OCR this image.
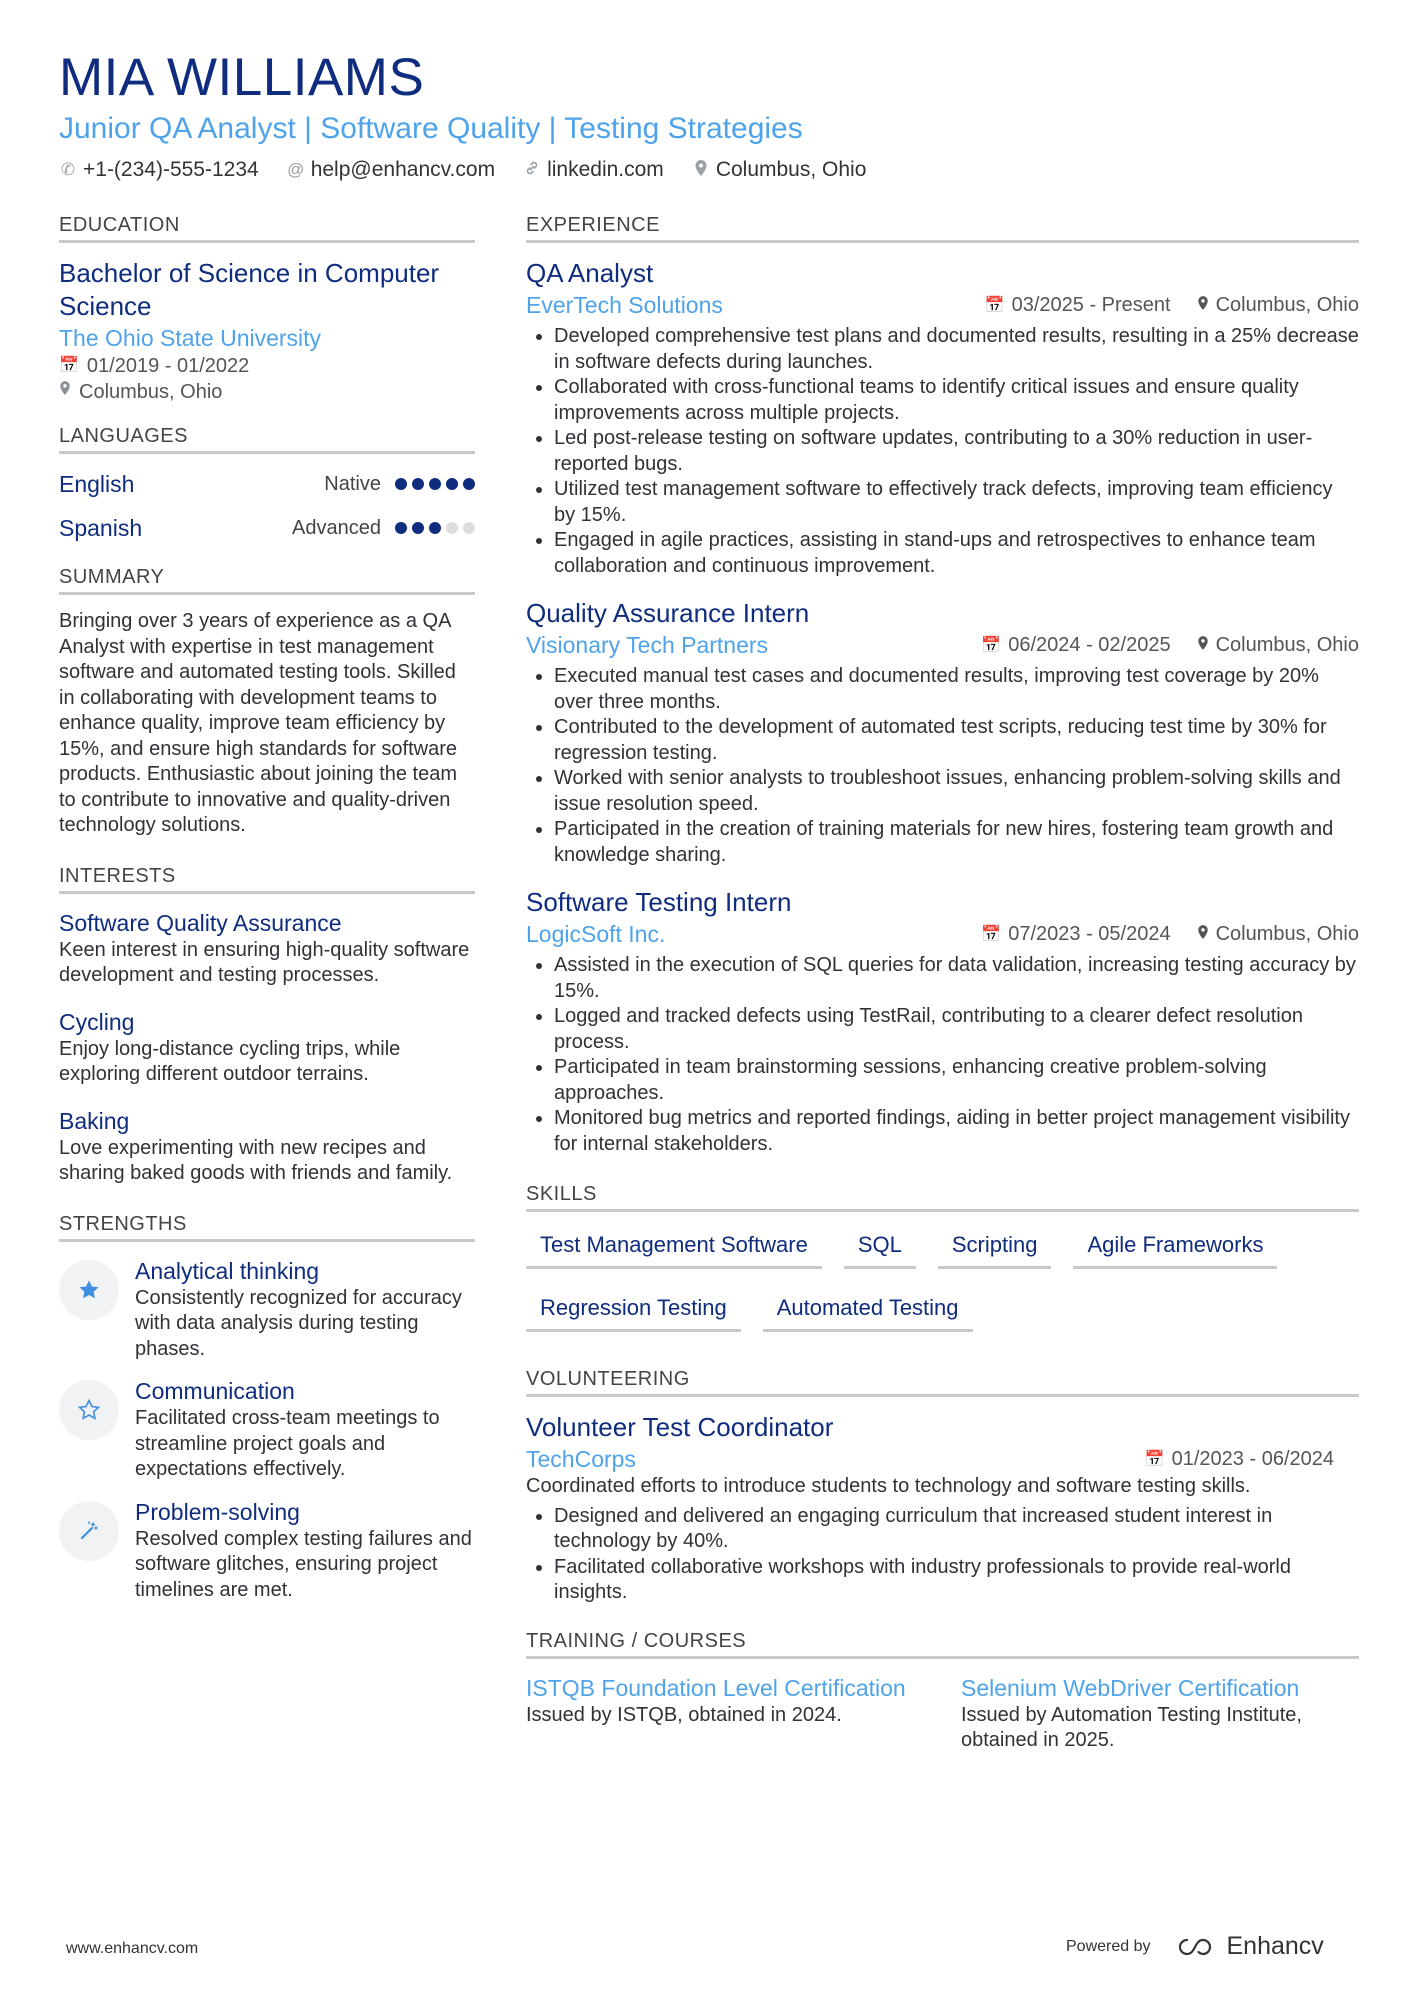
MIA WILLIAMS
Junior QA Analyst | Software Quality | Testing Strategies
✆ +1-(234)-555-1234 @ help@enhancv.com linkedin.com Columbus, Ohio
EDUCATION
Bachelor of Science in Computer Science
The Ohio State University
📅 01/2019 - 01/2022
Columbus, Ohio
LANGUAGES
English	Native
Spanish	Advanced
SUMMARY
Bringing over 3 years of experience as a QA Analyst with expertise in test management software and automated testing tools. Skilled in collaborating with development teams to enhance quality, improve team efficiency by 15%, and ensure high standards for software products. Enthusiastic about joining the team to contribute to innovative and quality-driven technology solutions.
INTERESTS
Software Quality Assurance
Keen interest in ensuring high-quality software development and testing processes.
Cycling
Enjoy long-distance cycling trips, while exploring different outdoor terrains.
Baking
Love experimenting with new recipes and sharing baked goods with friends and family.
STRENGTHS
Analytical thinking
Consistently recognized for accuracy with data analysis during testing phases.
Communication
Facilitated cross-team meetings to streamline project goals and expectations effectively.
Problem-solving
Resolved complex testing failures and software glitches, ensuring project timelines are met.
EXPERIENCE
QA Analyst
EverTech Solutions	📅 03/2025 - Present Columbus, Ohio
• Developed comprehensive test plans and documented results, resulting in a 25% decrease in software defects during launches.
• Collaborated with cross-functional teams to identify critical issues and ensure quality improvements across multiple projects.
• Led post-release testing on software updates, contributing to a 30% reduction in user-reported bugs.
• Utilized test management software to effectively track defects, improving team efficiency by 15%.
• Engaged in agile practices, assisting in stand-ups and retrospectives to enhance team collaboration and continuous improvement.
Quality Assurance Intern
Visionary Tech Partners	📅 06/2024 - 02/2025 Columbus, Ohio
• Executed manual test cases and documented results, improving test coverage by 20% over three months.
• Contributed to the development of automated test scripts, reducing test time by 30% for regression testing.
• Worked with senior analysts to troubleshoot issues, enhancing problem-solving skills and issue resolution speed.
• Participated in the creation of training materials for new hires, fostering team growth and knowledge sharing.
Software Testing Intern
LogicSoft Inc.	📅 07/2023 - 05/2024 Columbus, Ohio
• Assisted in the execution of SQL queries for data validation, increasing testing accuracy by 15%.
• Logged and tracked defects using TestRail, contributing to a clearer defect resolution process.
• Participated in team brainstorming sessions, enhancing creative problem-solving approaches.
• Monitored bug metrics and reported findings, aiding in better project management visibility for internal stakeholders.
SKILLS
Test Management Software	SQL	Scripting	Agile Frameworks
Regression Testing	Automated Testing
VOLUNTEERING
Volunteer Test Coordinator
TechCorps	📅 01/2023 - 06/2024
Coordinated efforts to introduce students to technology and software testing skills.
• Designed and delivered an engaging curriculum that increased student interest in technology by 40%.
• Facilitated collaborative workshops with industry professionals to provide real-world insights.
TRAINING / COURSES
ISTQB Foundation Level Certification
Issued by ISTQB, obtained in 2024.
Selenium WebDriver Certification
Issued by Automation Testing Institute, obtained in 2025.
www.enhancv.com	Powered by	Enhancv
